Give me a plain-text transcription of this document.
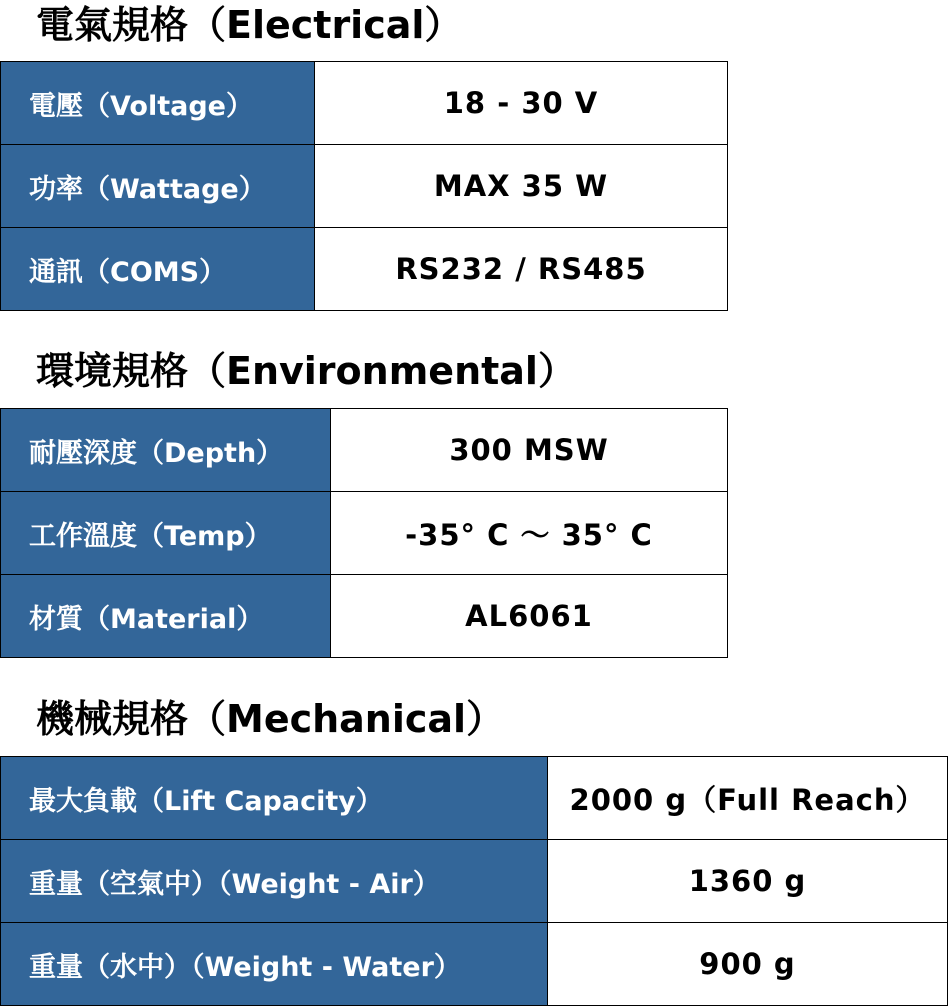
電氣規格（Electrical）
電壓（Voltage）	18 - 30 V
功率（Wattage）	MAX 35 W
通訊（COMS）	RS232 / RS485
環境規格（Environmental）
耐壓深度（Depth）	300 MSW
工作溫度（Temp）	-35° C ～ 35° C
材質（Material）	AL6061
機械規格（Mechanical）
最大負載（Lift Capacity）	2000 g（Full Reach）
重量（空氣中）（Weight - Air）	1360 g
重量（水中）（Weight - Water）	900 g
